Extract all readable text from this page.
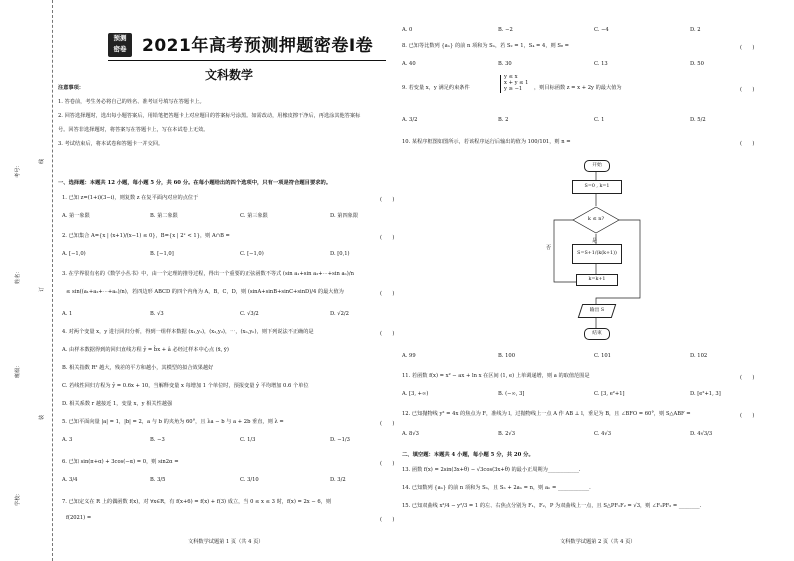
考号：
姓名：
班级：
学校：
线
订
装
预测
密卷 2021年高考预测押题密卷I卷
文科数学
注意事项：
1. 答卷前，考生务必将自己的姓名、准考证号填写在答题卡上。
2. 回答选择题时，选出每小题答案后，用铅笔把答题卡上对应题目的答案标号涂黑。如需改动，用橡皮擦干净后，再选涂其他答案标
号。回答非选择题时，将答案写在答题卡上，写在本试卷上无效。
3. 考试结束后，将本试卷和答题卡一并交回。
一、选择题：本题共 12 小题，每小题 5 分，共 60 分。在每小题给出的四个选项中，只有一项是符合题目要求的。
1. 已知 z=(1+i)(3−i)，则复数 z 在复平面内对应的点位于	(　　)
A. 第一象限	B. 第二象限	C. 第三象限	D. 第四象限
2. 已知集合 A={x | (x+1)/(x−1) ≤ 0}，B={x | 2ˣ < 1}，则 A∩B =	(　　)
A. [−1,0)	B. [−1,0]	C. [−1,0)	D. [0,1)
3. 在学界很有名的《数学小丛书》中，由一个定理的推导过程，得出一个重要的正弦函数不等式 (sin a₁+sin a₂+⋯+sin aₙ)/n
≤ sin((a₁+a₂+⋯+aₙ)/n)，若四边形 ABCD 的四个内角为 A，B，C，D，则 (sinA+sinB+sinC+sinD)/4 的最大值为	(　　)
A. 1	B. √3	C. √3/2	D. √2/2
4. 对两个变量 x，y 进行回归分析，得到一组样本数据 (x₁,y₁)，(x₂,y₂)，⋯，(xₙ,yₙ)，则下列说法不正确的是	(　　)
A. 由样本数据得到的回归直线方程 ŷ = b̂x + â 必经过样本中心点 (x̄, ȳ)
B. 相关指数 R² 越大，残差的平方和越小，其模型的拟合效果越好
C. 若线性回归方程为 ŷ = 0.6x + 10，当解释变量 x 每增加 1 个单位时，预报变量 ŷ 平均增加 0.6 个单位
D. 相关系数 r 越接近 1，变量 x，y 相关性越强
5. 已知平面向量 |a| = 1，|b| = 2，a 与 b 的夹角为 60°，且 λa − b 与 a + 2b 垂直，则 λ =	(　　)
A. 3	B. −3	C. 1/3	D. −1/3
6. 已知 sin(π+α) + 3cos(−α) = 0，则 sin2α =	(　　)
A. 3/4	B. 3/5	C. 3/10	D. 3/2
7. 已知定义在 R 上的偶函数 f(x)，对 ∀x∈R，有 f(x+6) = f(x) + f(3) 成立，当 0 ≤ x ≤ 3 时，f(x) = 2x − 6，则
f(2021) =	(　　)
文科数学试题第 1 页（共 4 页）
A. 0	B. −2	C. −4	D. 2
8. 已知等比数列 {aₙ} 的前 n 项和为 Sₙ，若 S₂ = 1，S₄ = 4，则 S₈ =	(　　)
A. 40	B. 30	C. 13	D. 50
9. 若变量 x，y 满足约束条件
y ≤ x
x + y ≤ 1
y ≥ −1	，则目标函数 z = x + 2y 的最大值为	(　　)
A. 3/2	B. 2	C. 1	D. 5/2
10. 某程序框图如图所示，若该程序运行后输出的值为 100/101，则 n =	(　　)
开始
S=0 , k=1
k ≤ n?
是
否
S=S+1/(k(k+1))
k=k+1
输出 S
结束
A. 99	B. 100	C. 101	D. 102
11. 若函数 f(x) = x² − ax + ln x 在区间 (1, e) 上单调递增，则 a 的取值范围是	(　　)
A. [3, +∞)	B. (−∞, 3]	C. [3, e²+1]	D. [e²+1, 3]
12. 已知抛物线 y² = 4x 的焦点为 F，准线为 l，过抛物线上一点 A 作 AB ⊥ l，垂足为 B，且 ∠BFO = 60°，则 S△ABF =	(　　)
A. 8√3	B. 2√3	C. 4√3	D. 4√3/3
二、填空题：本题共 4 小题，每小题 5 分，共 20 分。
13. 函数 f(x) = 2sin(3x+θ) − √3cos(3x+θ) 的最小正周期为____________.
14. 已知数列 {aₙ} 的前 n 项和为 Sₙ，且 Sₙ + 2aₙ = n，则 aₙ = ____________.
15. 已知双曲线 x²/4 − y²/3 = 1 的左、右焦点分别为 F₁，F₂，P 为双曲线上一点，且 S△PF₁F₂ = √3，则 ∠F₁PF₂ = ________.
文科数学试题第 2 页（共 4 页）
